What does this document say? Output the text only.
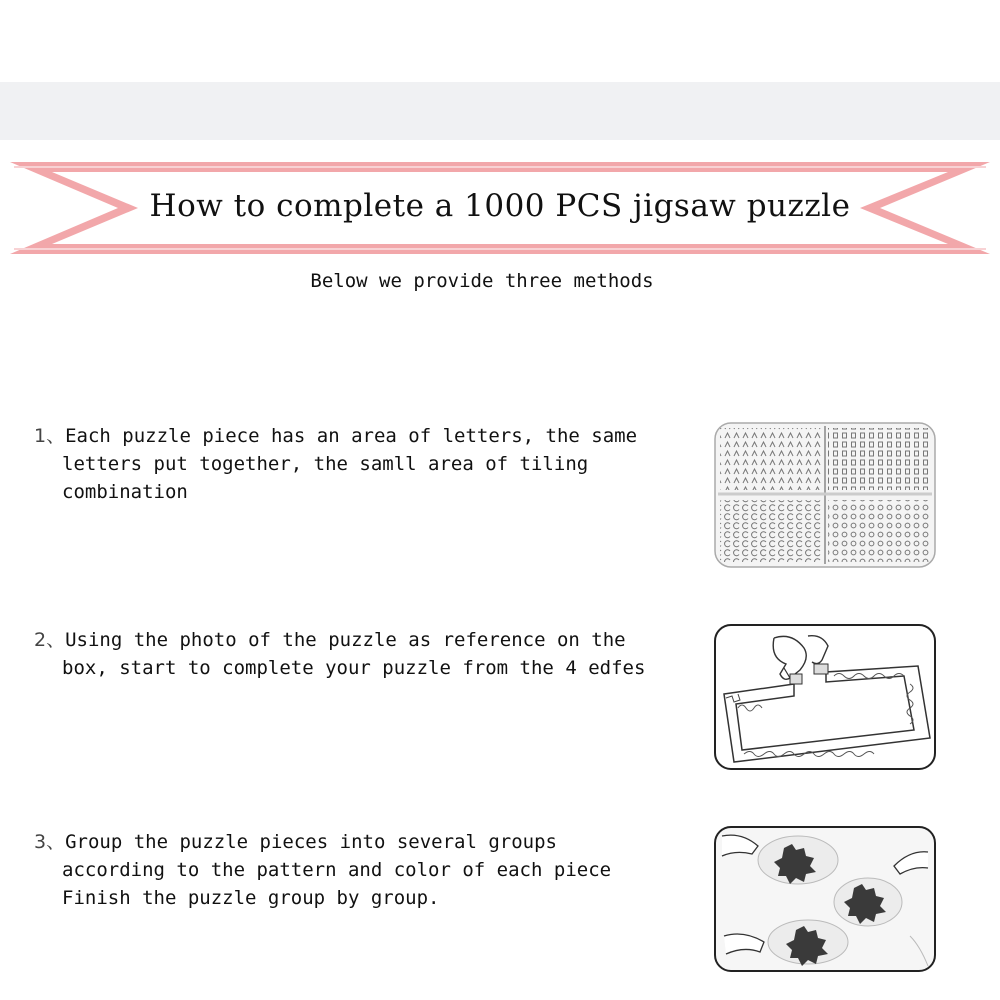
How to complete a 1000 PCS jigsaw puzzle
Below we provide three methods
1、Each puzzle piece has an area of letters, the same
letters put together, the samll area of tiling
combination
2、Using the photo of the puzzle as reference on the
box, start to complete your puzzle from the 4 edfes
3、Group the puzzle pieces into several groups
according to the pattern and color of each piece
Finish the puzzle group by group.
